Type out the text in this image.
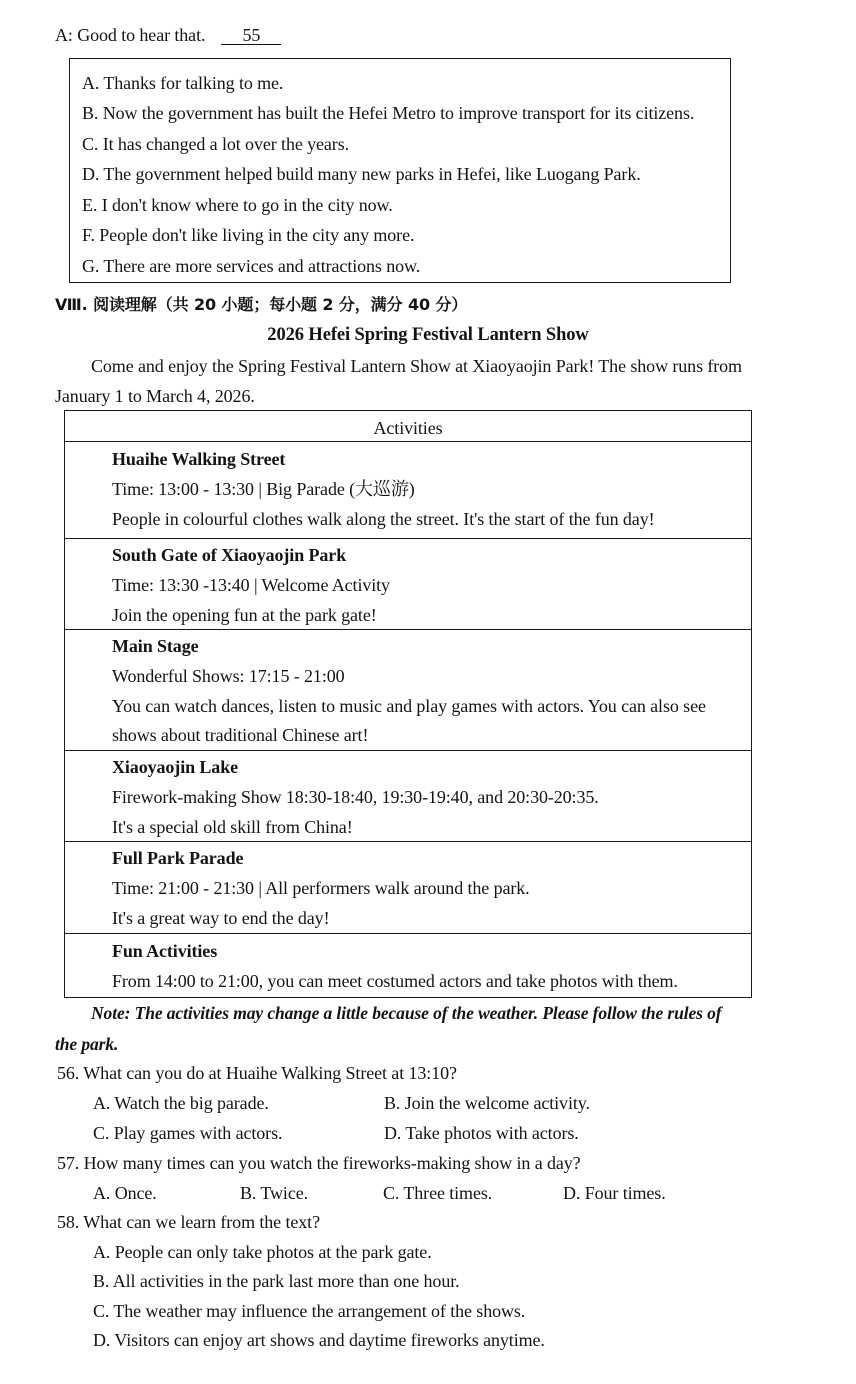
A: Good to hear that. 55
A. Thanks for talking to me.
B. Now the government has built the Hefei Metro to improve transport for its citizens.
C. It has changed a lot over the years.
D. The government helped build many new parks in Hefei, like Luogang Park.
E. I don't know where to go in the city now.
F. People don't like living in the city any more.
G. There are more services and attractions now.
Ⅷ. 阅读理解（共 20 小题；每小题 2 分，满分 40 分）
2026 Hefei Spring Festival Lantern Show
Come and enjoy the Spring Festival Lantern Show at Xiaoyaojin Park! The show runs from
January 1 to March 4, 2026.
Activities
Huaihe Walking Street
Time: 13:00 - 13:30 | Big Parade (大巡游)
People in colourful clothes walk along the street. It's the start of the fun day!
South Gate of Xiaoyaojin Park
Time: 13:30 -13:40 | Welcome Activity
Join the opening fun at the park gate!
Main Stage
Wonderful Shows: 17:15 - 21:00
You can watch dances, listen to music and play games with actors. You can also see
shows about traditional Chinese art!
Xiaoyaojin Lake
Firework-making Show 18:30-18:40, 19:30-19:40, and 20:30-20:35.
It's a special old skill from China!
Full Park Parade
Time: 21:00 - 21:30 | All performers walk around the park.
It's a great way to end the day!
Fun Activities
From 14:00 to 21:00, you can meet costumed actors and take photos with them.
Note: The activities may change a little because of the weather. Please follow the rules of
the park.
56. What can you do at Huaihe Walking Street at 13:10?
A. Watch the big parade.	B. Join the welcome activity.
C. Play games with actors.	D. Take photos with actors.
57. How many times can you watch the fireworks-making show in a day?
A. Once.	B. Twice.	C. Three times.	D. Four times.
58. What can we learn from the text?
A. People can only take photos at the park gate.
B. All activities in the park last more than one hour.
C. The weather may influence the arrangement of the shows.
D. Visitors can enjoy art shows and daytime fireworks anytime.
